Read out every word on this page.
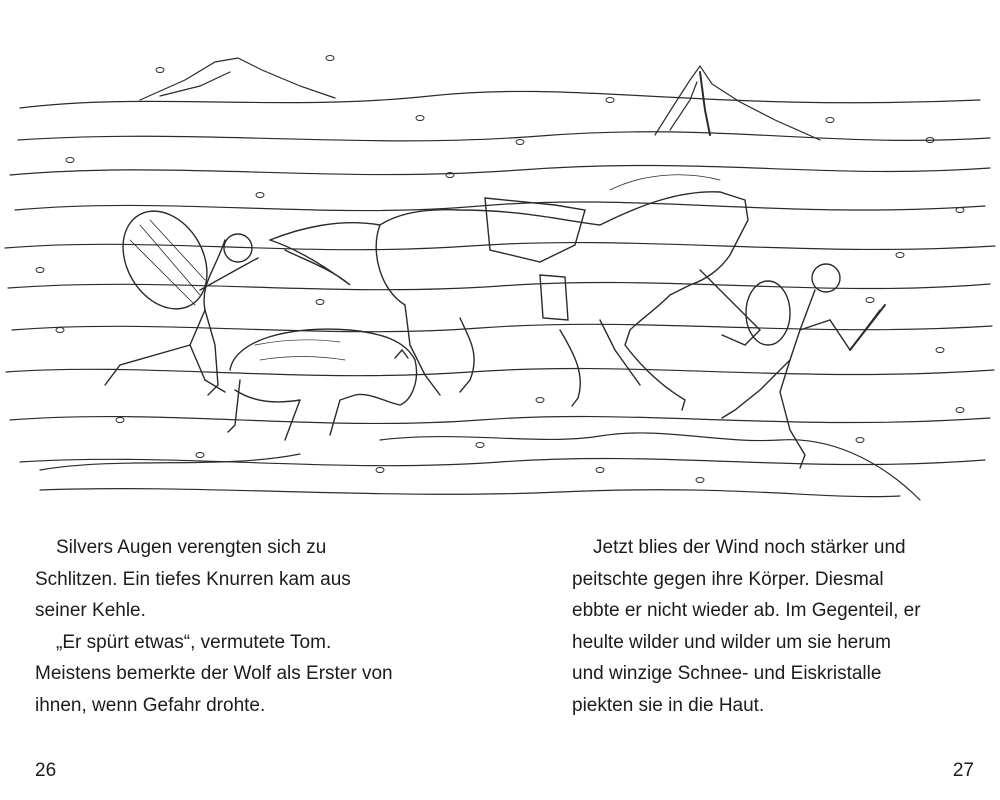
Silvers Augen verengten sich zu
Schlitzen. Ein tiefes Knurren kam aus
seiner Kehle.

„Er spürt etwas“, vermutete Tom.
Meistens bemerkte der Wolf als Erster von
ihnen, wenn Gefahr drohte.

Jetzt blies der Wind noch stärker und
peitschte gegen ihre Körper. Diesmal
ebbte er nicht wieder ab. Im Gegenteil, er
heulte wilder und wilder um sie herum
und winzige Schnee- und Eiskristalle
piekten sie in die Haut.

26	27
